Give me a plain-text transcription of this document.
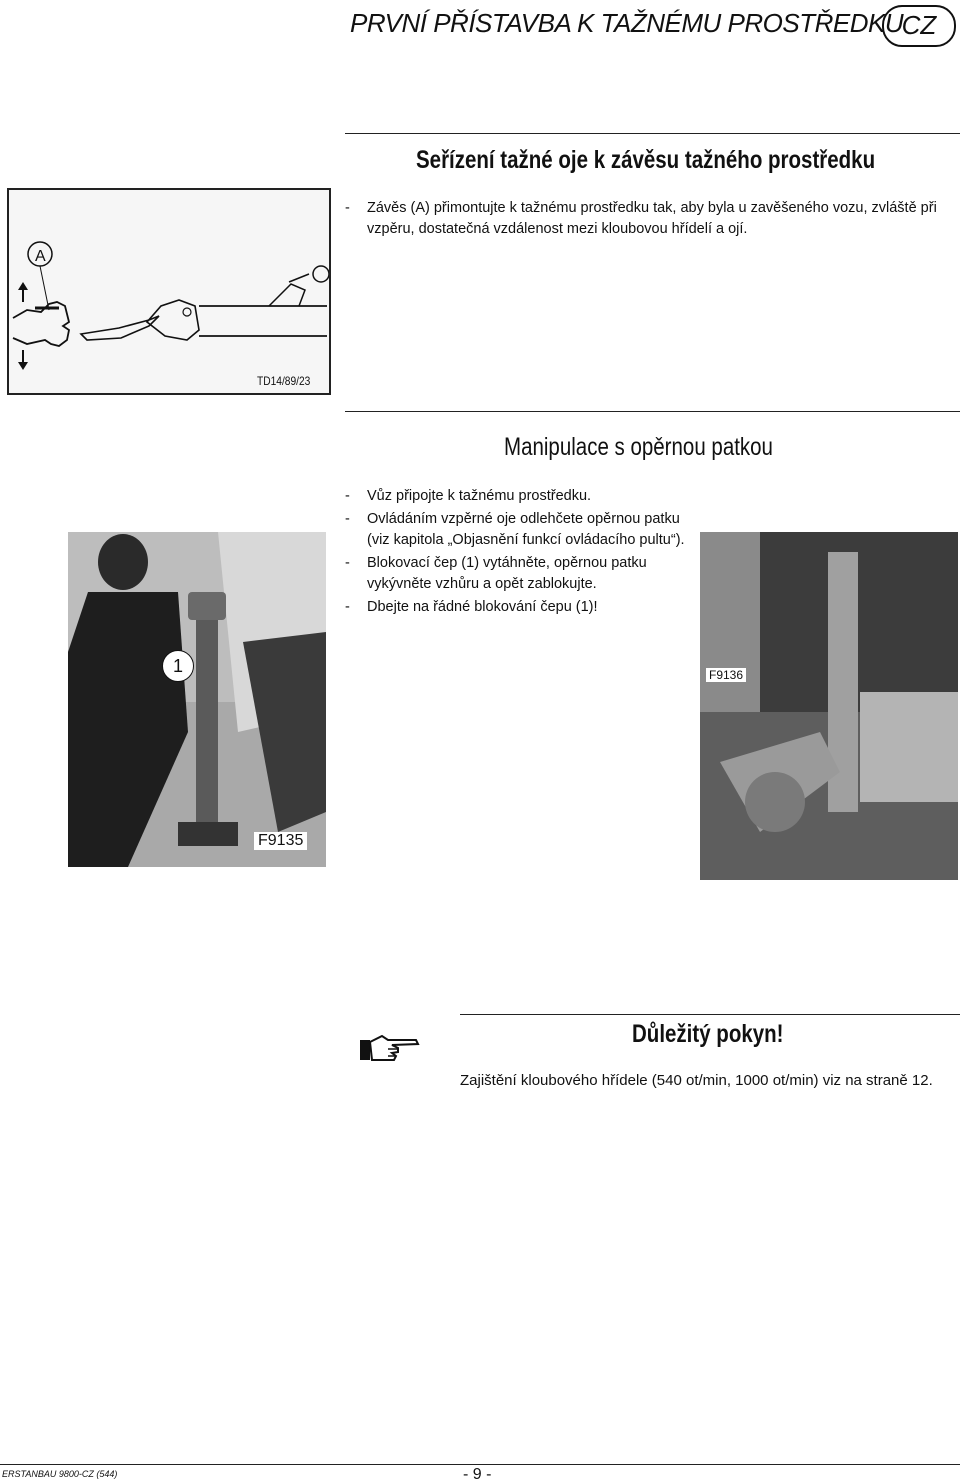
PRVNÍ PŘÍSTAVBA K TAŽNÉMU PROSTŘEDKU
CZ
Seřízení tažné oje k závěsu tažného prostředku
- Závěs (A) přimontujte k tažnému prostředku tak, aby byla u zavěšeného vozu, zvláště při vzpěru, dostatečná vzdálenost mezi kloubovou hřídelí a ojí.
A
TD14/89/23
Manipulace s opěrnou patkou
- Vůz připojte k tažnému prostředku.
- Ovládáním vzpěrné oje odlehčete opěrnou patku (viz kapitola „Objasnění funkcí ovládacího pultu“).
- Blokovací čep (1) vytáhněte, opěrnou patku vykývněte vzhůru a opět zablokujte.
- Dbejte na řádné blokování čepu (1)!
1
F9135
F9136
Důležitý pokyn!
Zajištění kloubového hřídele (540 ot/min, 1000 ot/min) viz na straně 12.
ERSTANBAU 9800-CZ (544)	- 9 -
